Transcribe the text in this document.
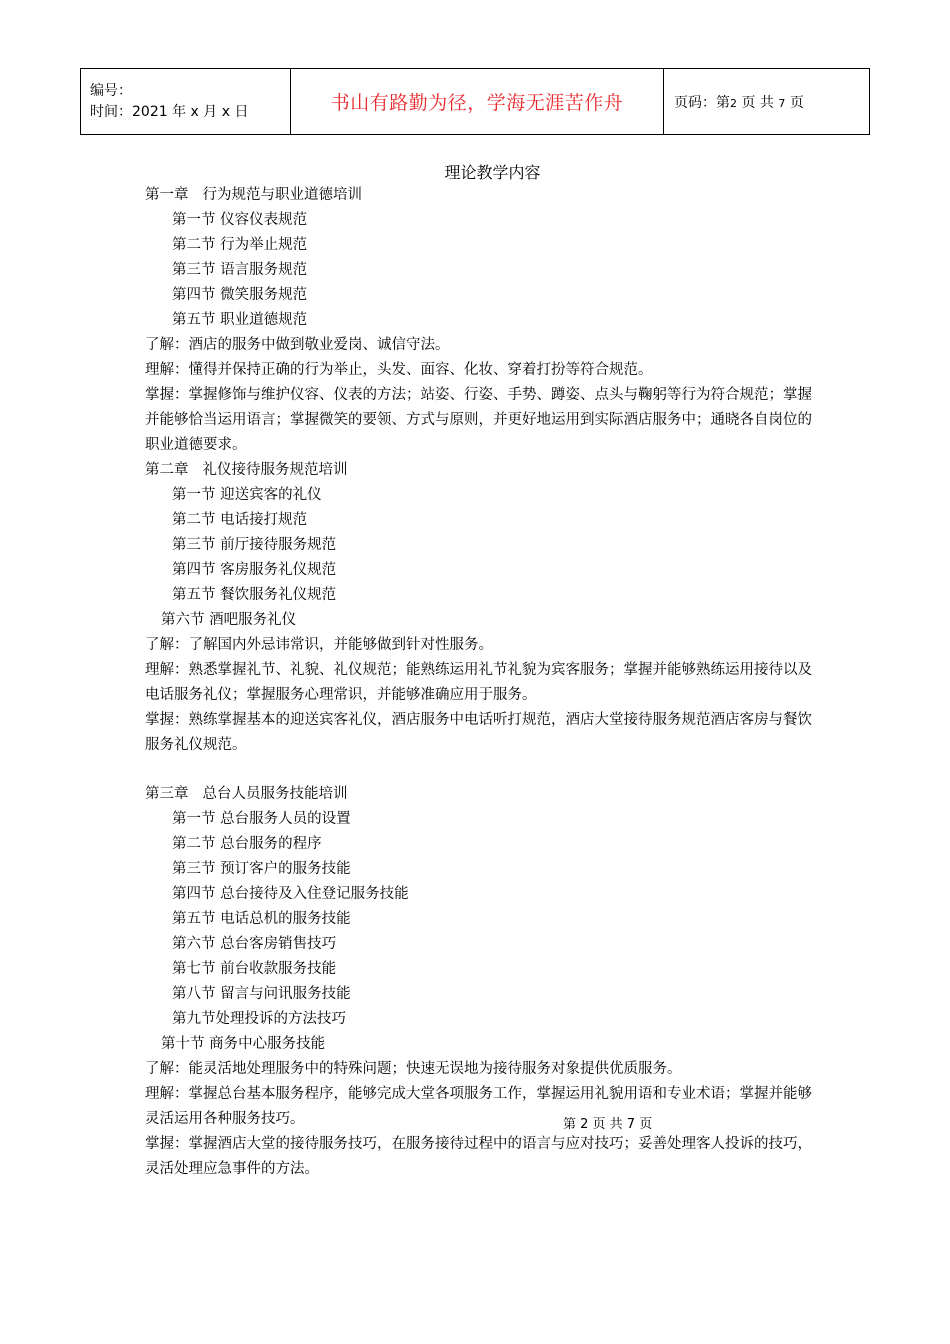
编号：
时间：2021 年 x 月 x 日	书山有路勤为径，学海无涯苦作舟	页码：第2 页 共 7 页
理论教学内容
第一章 行为规范与职业道德培训
第一节 仪容仪表规范
第二节 行为举止规范
第三节 语言服务规范
第四节 微笑服务规范
第五节 职业道德规范
了解：酒店的服务中做到敬业爱岗、诚信守法。
理解：懂得并保持正确的行为举止，头发、面容、化妆、穿着打扮等符合规范。
掌握：掌握修饰与维护仪容、仪表的方法；站姿、行姿、手势、蹲姿、点头与鞠躬等行为符合规范；掌握并能够恰当运用语言；掌握微笑的要领、方式与原则，并更好地运用到实际酒店服务中；通晓各自岗位的职业道德要求。
第二章 礼仪接待服务规范培训
第一节 迎送宾客的礼仪
第二节 电话接打规范
第三节 前厅接待服务规范
第四节 客房服务礼仪规范
第五节 餐饮服务礼仪规范
第六节 酒吧服务礼仪
了解：了解国内外忌讳常识，并能够做到针对性服务。
理解：熟悉掌握礼节、礼貌、礼仪规范；能熟练运用礼节礼貌为宾客服务；掌握并能够熟练运用接待以及电话服务礼仪；掌握服务心理常识，并能够准确应用于服务。
掌握：熟练掌握基本的迎送宾客礼仪，酒店服务中电话听打规范，酒店大堂接待服务规范酒店客房与餐饮服务礼仪规范。
第三章 总台人员服务技能培训
第一节 总台服务人员的设置
第二节 总台服务的程序
第三节 预订客户的服务技能
第四节 总台接待及入住登记服务技能
第五节 电话总机的服务技能
第六节 总台客房销售技巧
第七节 前台收款服务技能
第八节 留言与问讯服务技能
第九节处理投诉的方法技巧
第十节 商务中心服务技能
了解：能灵活地处理服务中的特殊问题；快速无误地为接待服务对象提供优质服务。
理解：掌握总台基本服务程序，能够完成大堂各项服务工作，掌握运用礼貌用语和专业术语；掌握并能够灵活运用各种服务技巧。
掌握：掌握酒店大堂的接待服务技巧，在服务接待过程中的语言与应对技巧；妥善处理客人投诉的技巧，灵活处理应急事件的方法。
第 2 页 共 7 页
